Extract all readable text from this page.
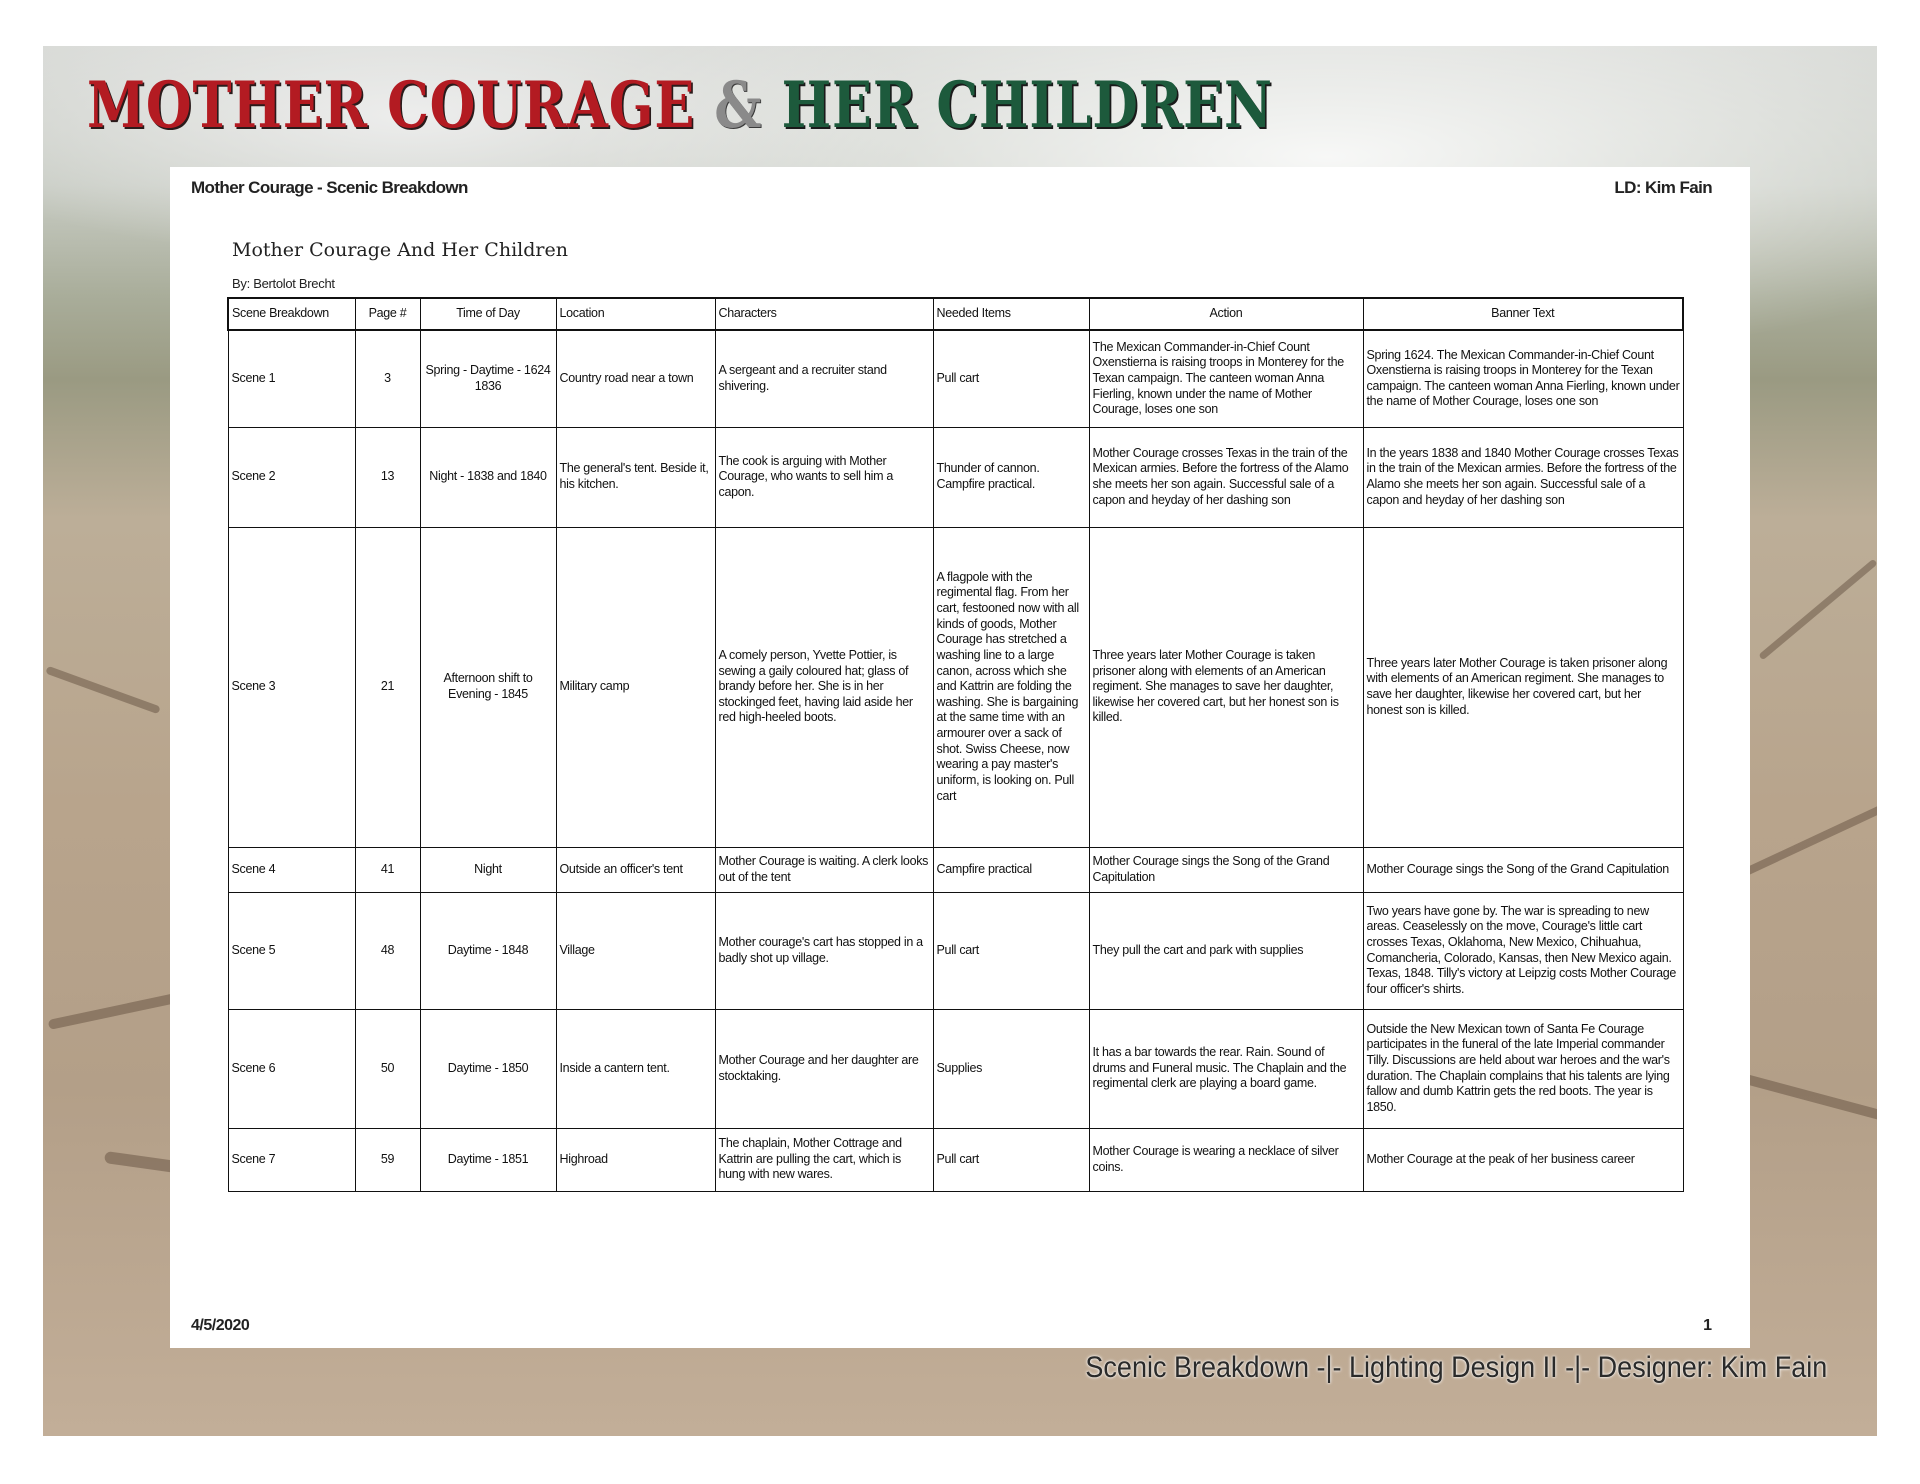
MOTHER COURAGE & HER CHILDREN
Mother Courage - Scenic Breakdown	LD: Kim Fain
Mother Courage And Her Children
By: Bertolot Brecht
Scene Breakdown	Page #	Time of Day	Location	Characters	Needed Items	Action	Banner Text
Scene 1	3	Spring - Daytime - 1624 1836	Country road near a town	A sergeant and a recruiter stand shivering.	Pull cart	The Mexican Commander-in-Chief Count Oxenstierna is raising troops in Monterey for the Texan campaign. The canteen woman Anna Fierling, known under the name of Mother Courage, loses one son	Spring 1624. The Mexican Commander-in-Chief Count Oxenstierna is raising troops in Monterey for the Texan campaign. The canteen woman Anna Fierling, known under the name of Mother Courage, loses one son
Scene 2	13	Night - 1838 and 1840	The general's tent. Beside it, his kitchen.	The cook is arguing with Mother Courage, who wants to sell him a capon.	Thunder of cannon. Campfire practical.	Mother Courage crosses Texas in the train of the Mexican armies. Before the fortress of the Alamo she meets her son again. Successful sale of a capon and heyday of her dashing son	In the years 1838 and 1840 Mother Courage crosses Texas in the train of the Mexican armies. Before the fortress of the Alamo she meets her son again. Successful sale of a capon and heyday of her dashing son
Scene 3	21	Afternoon shift to Evening - 1845	Military camp	A comely person, Yvette Pottier, is sewing a gaily coloured hat; glass of brandy before her. She is in her stockinged feet, having laid aside her red high-heeled boots.	A flagpole with the regimental flag. From her cart, festooned now with all kinds of goods, Mother Courage has stretched a washing line to a large canon, across which she and Kattrin are folding the washing. She is bargaining at the same time with an armourer over a sack of shot. Swiss Cheese, now wearing a pay master's uniform, is looking on. Pull cart	Three years later Mother Courage is taken prisoner along with elements of an American regiment. She manages to save her daughter, likewise her covered cart, but her honest son is killed.	Three years later Mother Courage is taken prisoner along with elements of an American regiment. She manages to save her daughter, likewise her covered cart, but her honest son is killed.
Scene 4	41	Night	Outside an officer's tent	Mother Courage is waiting. A clerk looks out of the tent	Campfire practical	Mother Courage sings the Song of the Grand Capitulation	Mother Courage sings the Song of the Grand Capitulation
Scene 5	48	Daytime - 1848	Village	Mother courage's cart has stopped in a badly shot up village.	Pull cart	They pull the cart and park with supplies	Two years have gone by. The war is spreading to new areas. Ceaselessly on the move, Courage's little cart crosses Texas, Oklahoma, New Mexico, Chihuahua, Comancheria, Colorado, Kansas, then New Mexico again. Texas, 1848. Tilly's victory at Leipzig costs Mother Courage four officer's shirts.
Scene 6	50	Daytime - 1850	Inside a cantern tent.	Mother Courage and her daughter are stocktaking.	Supplies	It has a bar towards the rear. Rain. Sound of drums and Funeral music. The Chaplain and the regimental clerk are playing a board game.	Outside the New Mexican town of Santa Fe Courage participates in the funeral of the late Imperial commander Tilly. Discussions are held about war heroes and the war's duration. The Chaplain complains that his talents are lying fallow and dumb Kattrin gets the red boots. The year is 1850.
Scene 7	59	Daytime - 1851	Highroad	The chaplain, Mother Cottrage and Kattrin are pulling the cart, which is hung with new wares.	Pull cart	Mother Courage is wearing a necklace of silver coins.	Mother Courage at the peak of her business career
4/5/2020	1
Scenic Breakdown -|- Lighting Design II -|- Designer: Kim Fain
